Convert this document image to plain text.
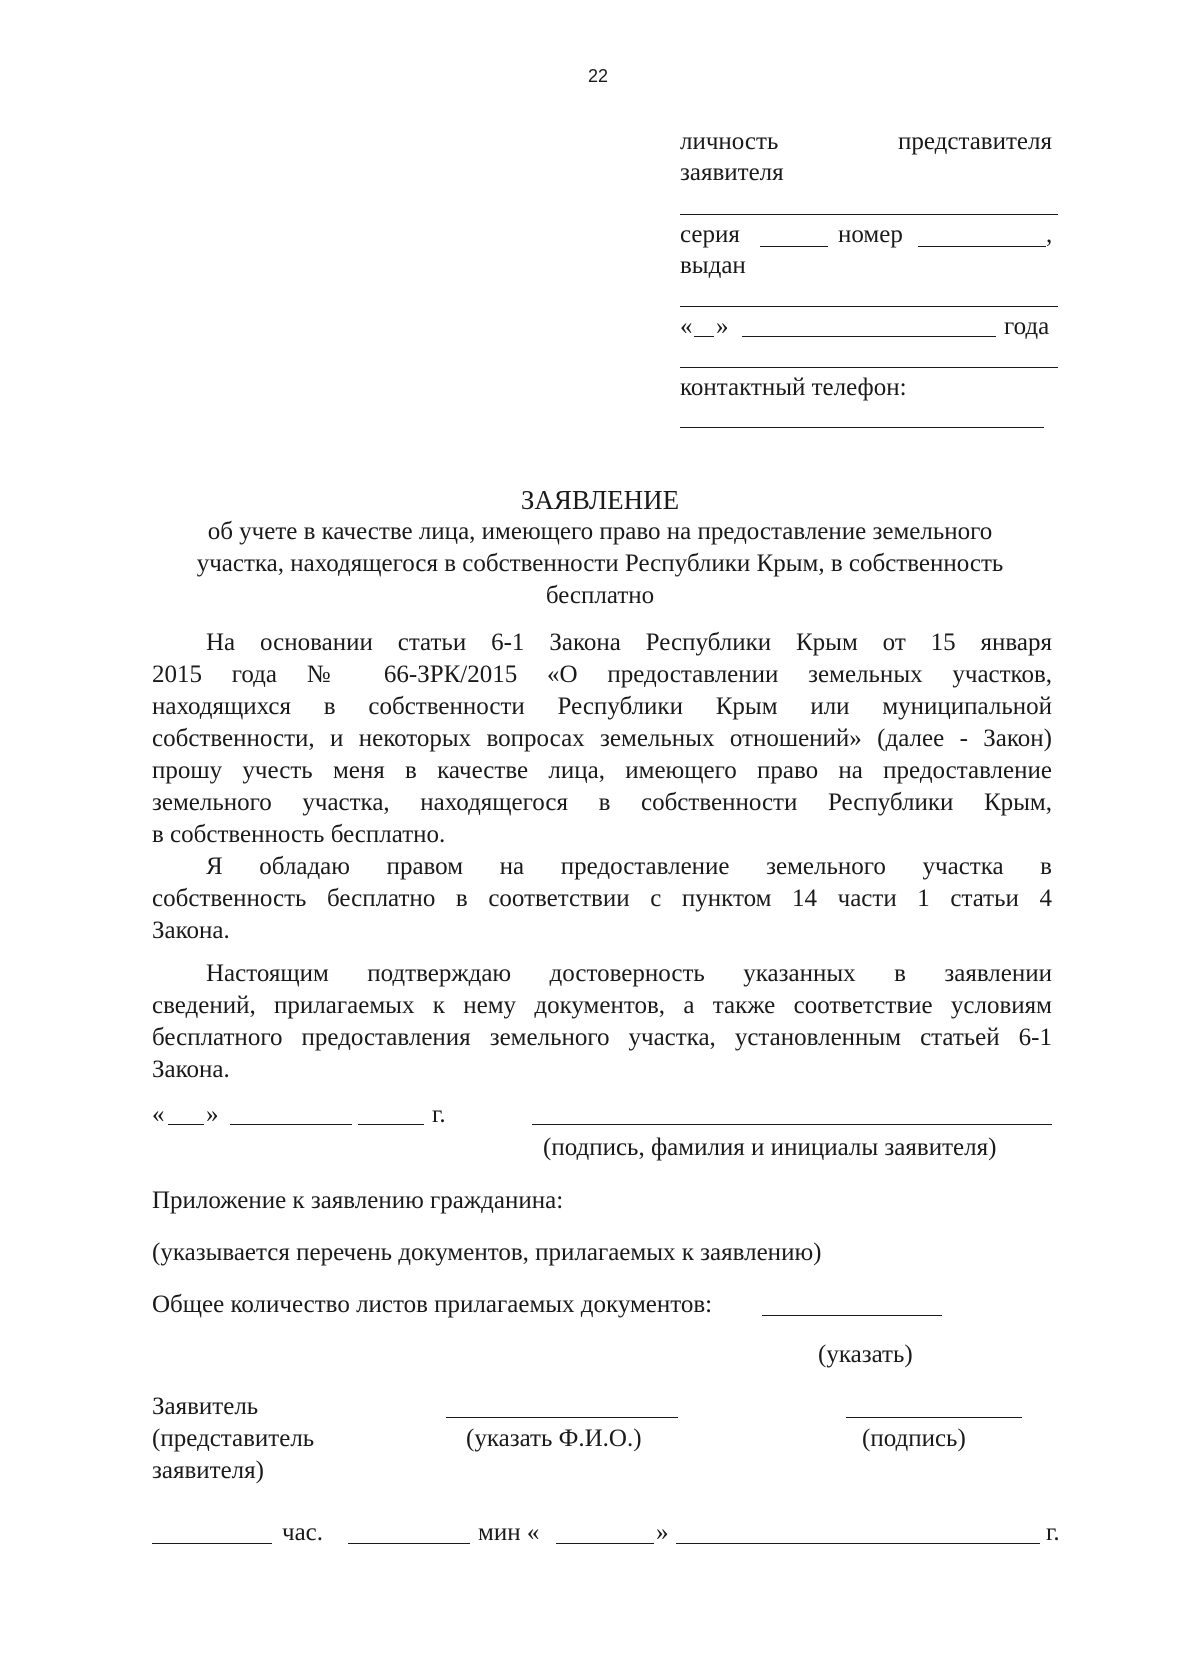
22
личность	представителя
заявителя
серия	номер	,
выдан
« »	года
контактный телефон:
ЗАЯВЛЕНИЕ
об учете в качестве лица, имеющего право на предоставление земельного
участка, находящегося в собственности Республики Крым, в собственность
бесплатно
На основании статьи 6-1 Закона Республики Крым от 15 января
2015 года № 66-ЗРК/2015 «О предоставлении земельных участков,
находящихся в собственности Республики Крым или муниципальной
собственности, и некоторых вопросах земельных отношений» (далее - Закон)
прошу учесть меня в качестве лица, имеющего право на предоставление
земельного участка, находящегося в собственности Республики Крым,
в собственность бесплатно.
Я обладаю правом на предоставление земельного участка в
собственность бесплатно в соответствии с пунктом 14 части 1 статьи 4
Закона.
Настоящим подтверждаю достоверность указанных в заявлении
сведений, прилагаемых к нему документов, а также соответствие условиям
бесплатного предоставления земельного участка, установленным статьей 6-1
Закона.
« »	г.
(подпись, фамилия и инициалы заявителя)
Приложение к заявлению гражданина:
(указывается перечень документов, прилагаемых к заявлению)
Общее количество листов прилагаемых документов:
(указать)
Заявитель
(представитель
заявителя)
(указать Ф.И.О.)	(подпись)
час.	мин «	»	г.
